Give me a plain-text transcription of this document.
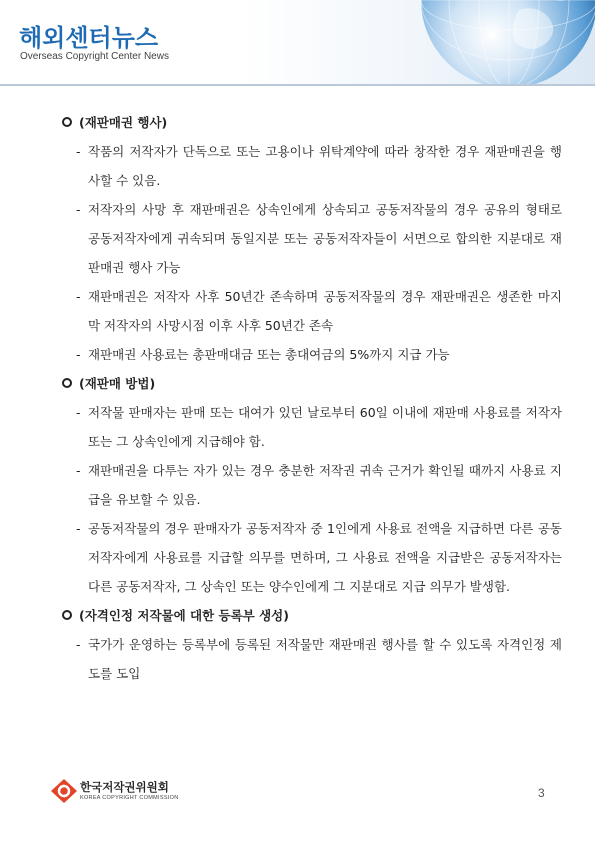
해외센터뉴스
Overseas Copyright Center News
(재판매권 행사)
- 작품의 저작자가 단독으로 또는 고용이나 위탁계약에 따라 창작한 경우 재판매권을 행사할 수 있음.
- 저작자의 사망 후 재판매권은 상속인에게 상속되고 공동저작물의 경우 공유의 형태로 공동저작자에게 귀속되며 동일지분 또는 공동저작자들이 서면으로 합의한 지분대로 재판매권 행사 가능
- 재판매권은 저작자 사후 50년간 존속하며 공동저작물의 경우 재판매권은 생존한 마지막 저작자의 사망시점 이후 사후 50년간 존속
- 재판매권 사용료는 총판매대금 또는 총대여금의 5%까지 지급 가능
(재판매 방법)
- 저작물 판매자는 판매 또는 대여가 있던 날로부터 60일 이내에 재판매 사용료를 저작자 또는 그 상속인에게 지급해야 함.
- 재판매권을 다투는 자가 있는 경우 충분한 저작권 귀속 근거가 확인될 때까지 사용료 지급을 유보할 수 있음.
- 공동저작물의 경우 판매자가 공동저작자 중 1인에게 사용료 전액을 지급하면 다른 공동저작자에게 사용료를 지급할 의무를 면하며, 그 사용료 전액을 지급받은 공동저작자는 다른 공동저작자, 그 상속인 또는 양수인에게 그 지분대로 지급 의무가 발생함.
(자격인정 저작물에 대한 등록부 생성)
- 국가가 운영하는 등록부에 등록된 저작물만 재판매권 행사를 할 수 있도록 자격인정 제도를 도입
한국저작권위원회
KOREA COPYRIGHT COMMISSION	3
